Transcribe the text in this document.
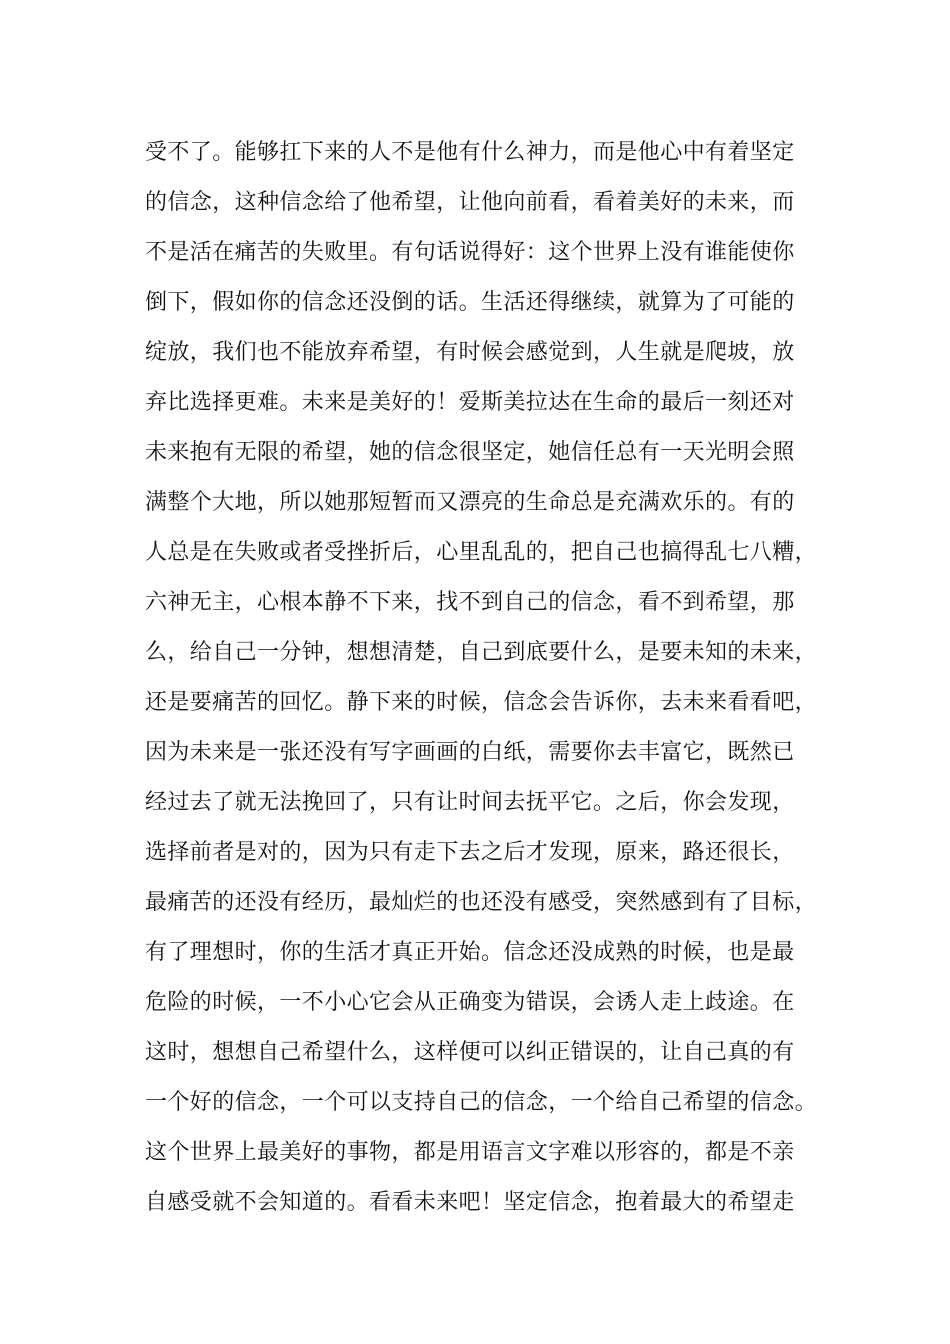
受不了。能够扛下来的人不是他有什么神力，而是他心中有着坚定
的信念，这种信念给了他希望，让他向前看，看着美好的未来，而
不是活在痛苦的失败里。有句话说得好：这个世界上没有谁能使你
倒下，假如你的信念还没倒的话。生活还得继续，就算为了可能的
绽放，我们也不能放弃希望，有时候会感觉到，人生就是爬坡，放
弃比选择更难。未来是美好的！爱斯美拉达在生命的最后一刻还对
未来抱有无限的希望，她的信念很坚定，她信任总有一天光明会照
满整个大地，所以她那短暂而又漂亮的生命总是充满欢乐的。有的
人总是在失败或者受挫折后，心里乱乱的，把自己也搞得乱七八糟，
六神无主，心根本静不下来，找不到自己的信念，看不到希望，那
么，给自己一分钟，想想清楚，自己到底要什么，是要未知的未来，
还是要痛苦的回忆。静下来的时候，信念会告诉你，去未来看看吧，
因为未来是一张还没有写字画画的白纸，需要你去丰富它，既然已
经过去了就无法挽回了，只有让时间去抚平它。之后，你会发现，
选择前者是对的，因为只有走下去之后才发现，原来，路还很长，
最痛苦的还没有经历，最灿烂的也还没有感受，突然感到有了目标，
有了理想时，你的生活才真正开始。信念还没成熟的时候，也是最
危险的时候，一不小心它会从正确变为错误，会诱人走上歧途。在
这时，想想自己希望什么，这样便可以纠正错误的，让自己真的有
一个好的信念，一个可以支持自己的信念，一个给自己希望的信念。
这个世界上最美好的事物，都是用语言文字难以形容的，都是不亲
自感受就不会知道的。看看未来吧！坚定信念，抱着最大的希望走
